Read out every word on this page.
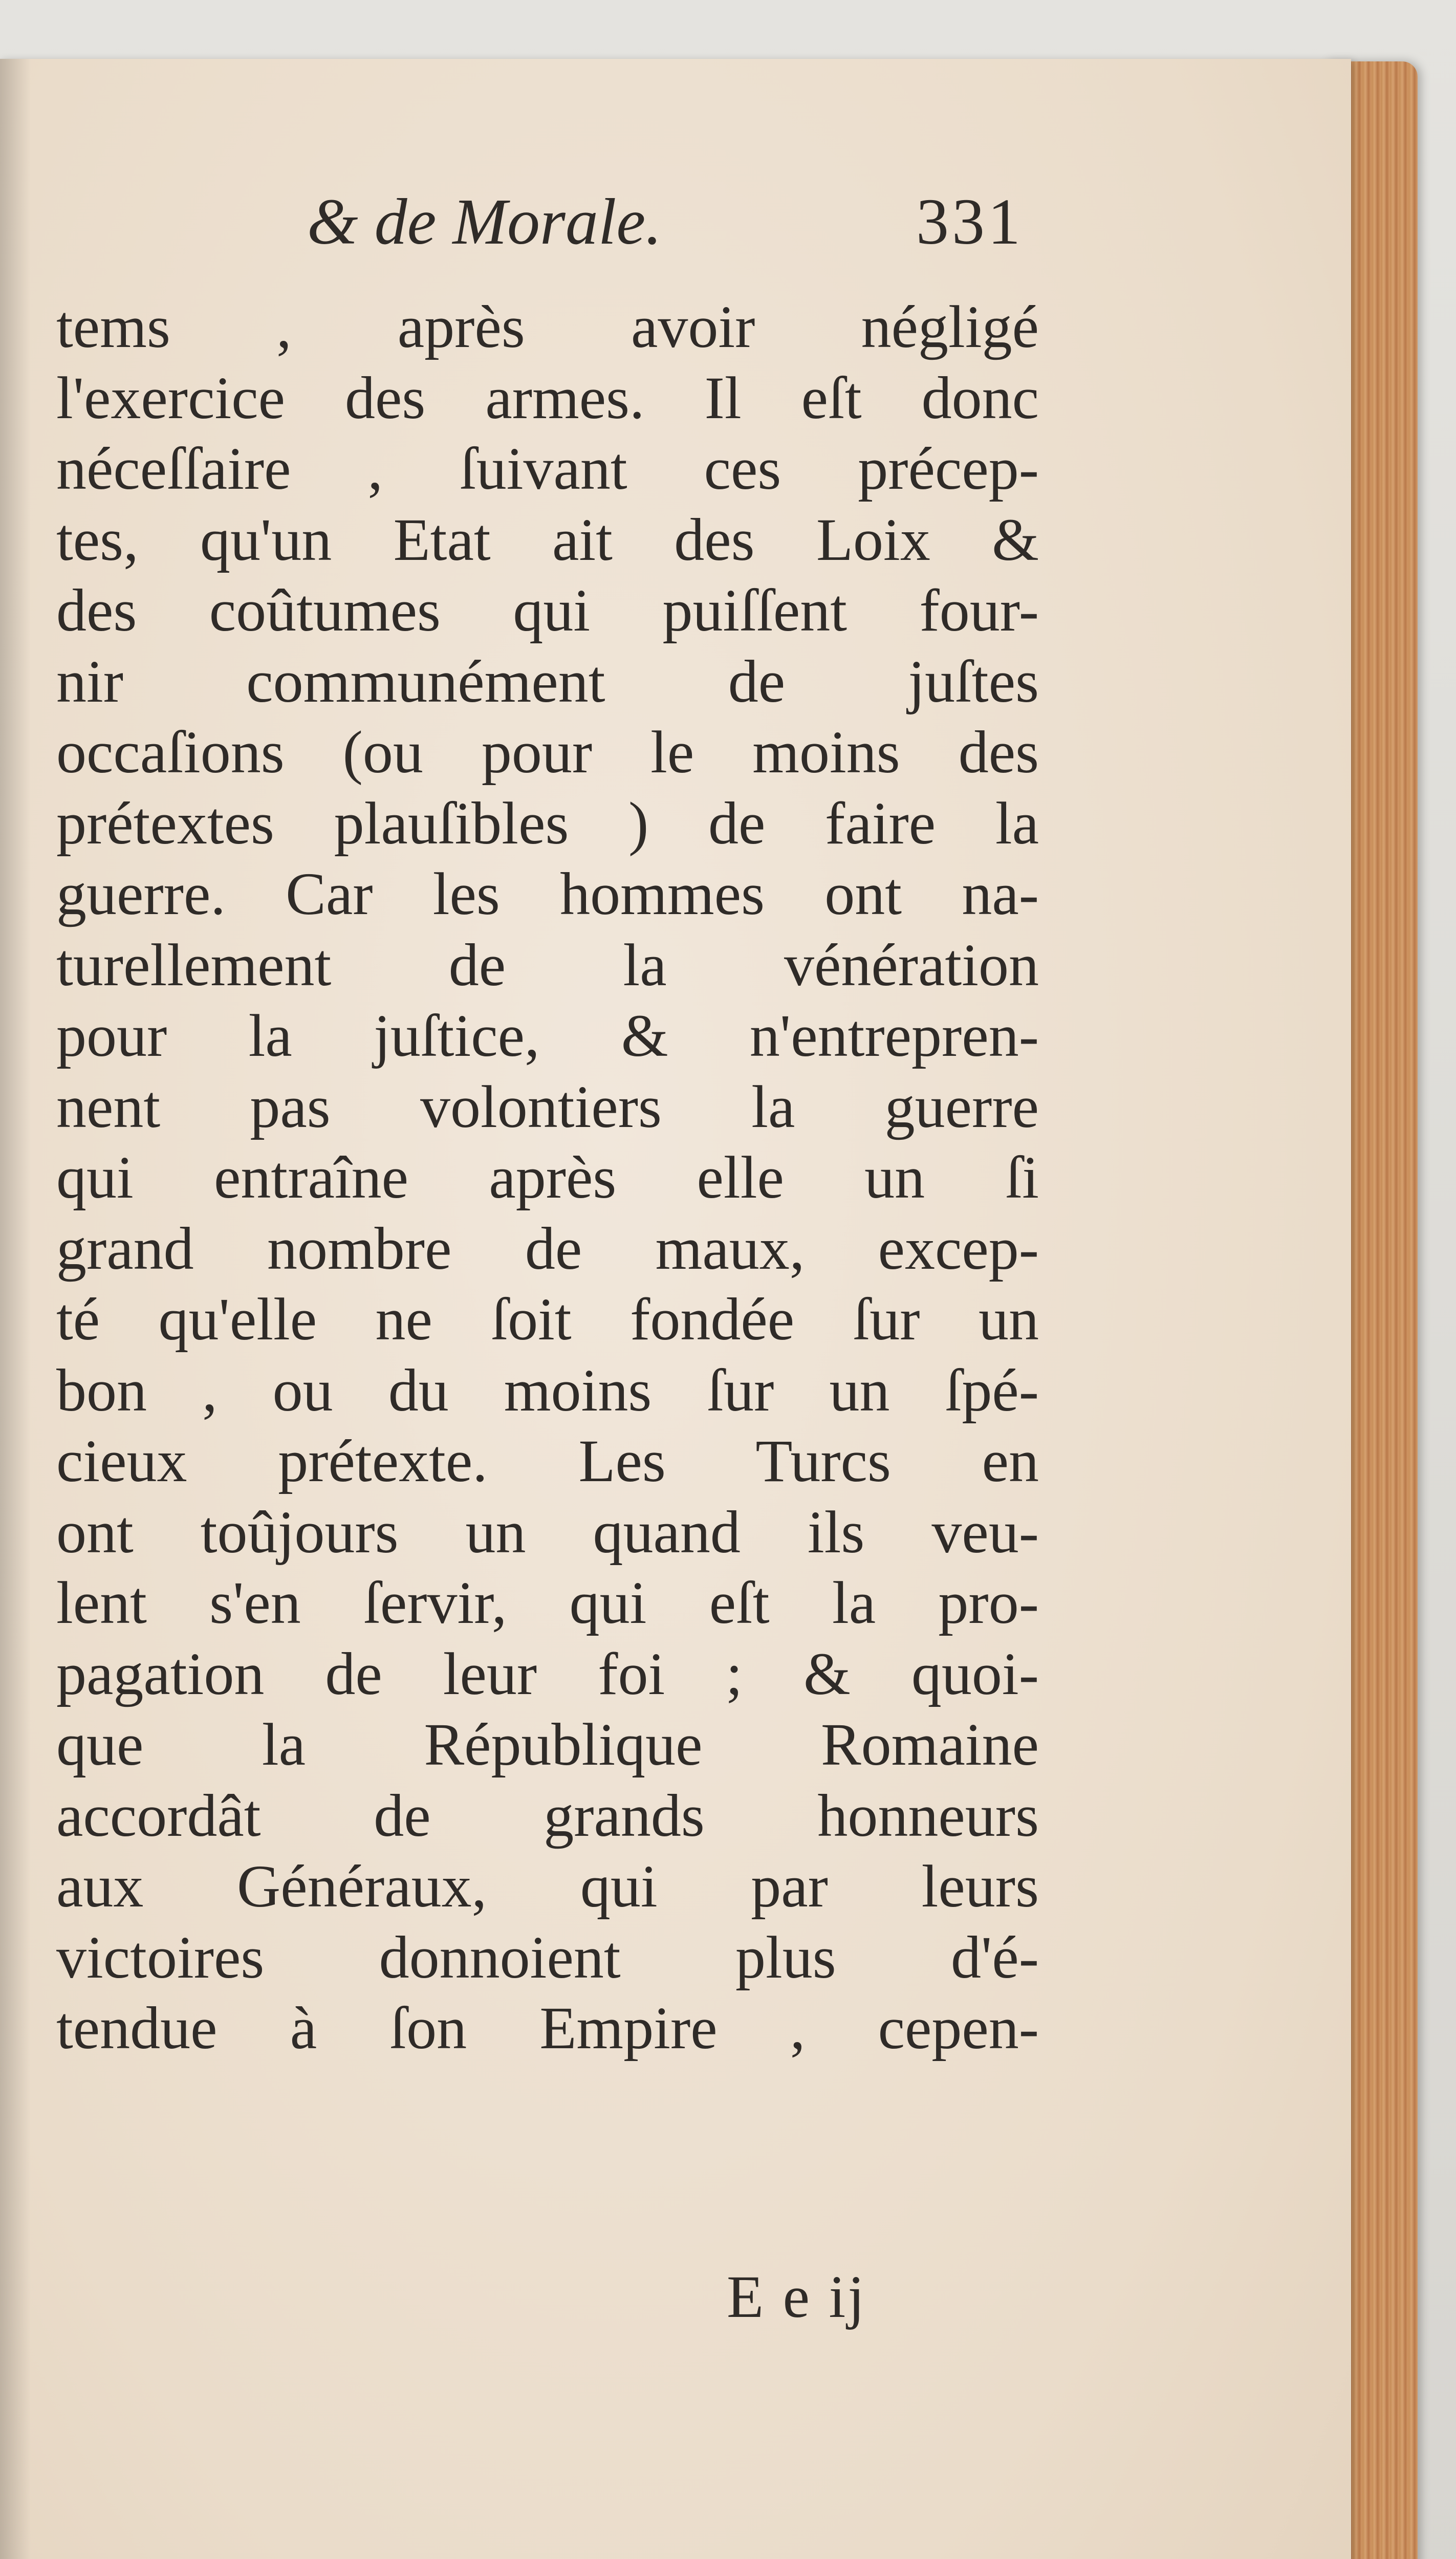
& de Morale.	331
tems , après avoir négligé
l'exercice des armes. Il eſt donc
néceſſaire , ſuivant ces précep-
tes, qu'un Etat ait des Loix &
des coûtumes qui puiſſent four-
nir communément de juſtes
occaſions (ou pour le moins des
prétextes plauſibles ) de faire la
guerre. Car les hommes ont na-
turellement de la vénération
pour la juſtice, & n'entrepren-
nent pas volontiers la guerre
qui entraîne après elle un ſi
grand nombre de maux, excep-
té qu'elle ne ſoit fondée ſur un
bon , ou du moins ſur un ſpé-
cieux prétexte. Les Turcs en
ont toûjours un quand ils veu-
lent s'en ſervir, qui eſt la pro-
pagation de leur foi ; & quoi-
que la République Romaine
accordât de grands honneurs
aux Généraux, qui par leurs
victoires donnoient plus d'é-
tendue à ſon Empire , cepen-
E e ij
